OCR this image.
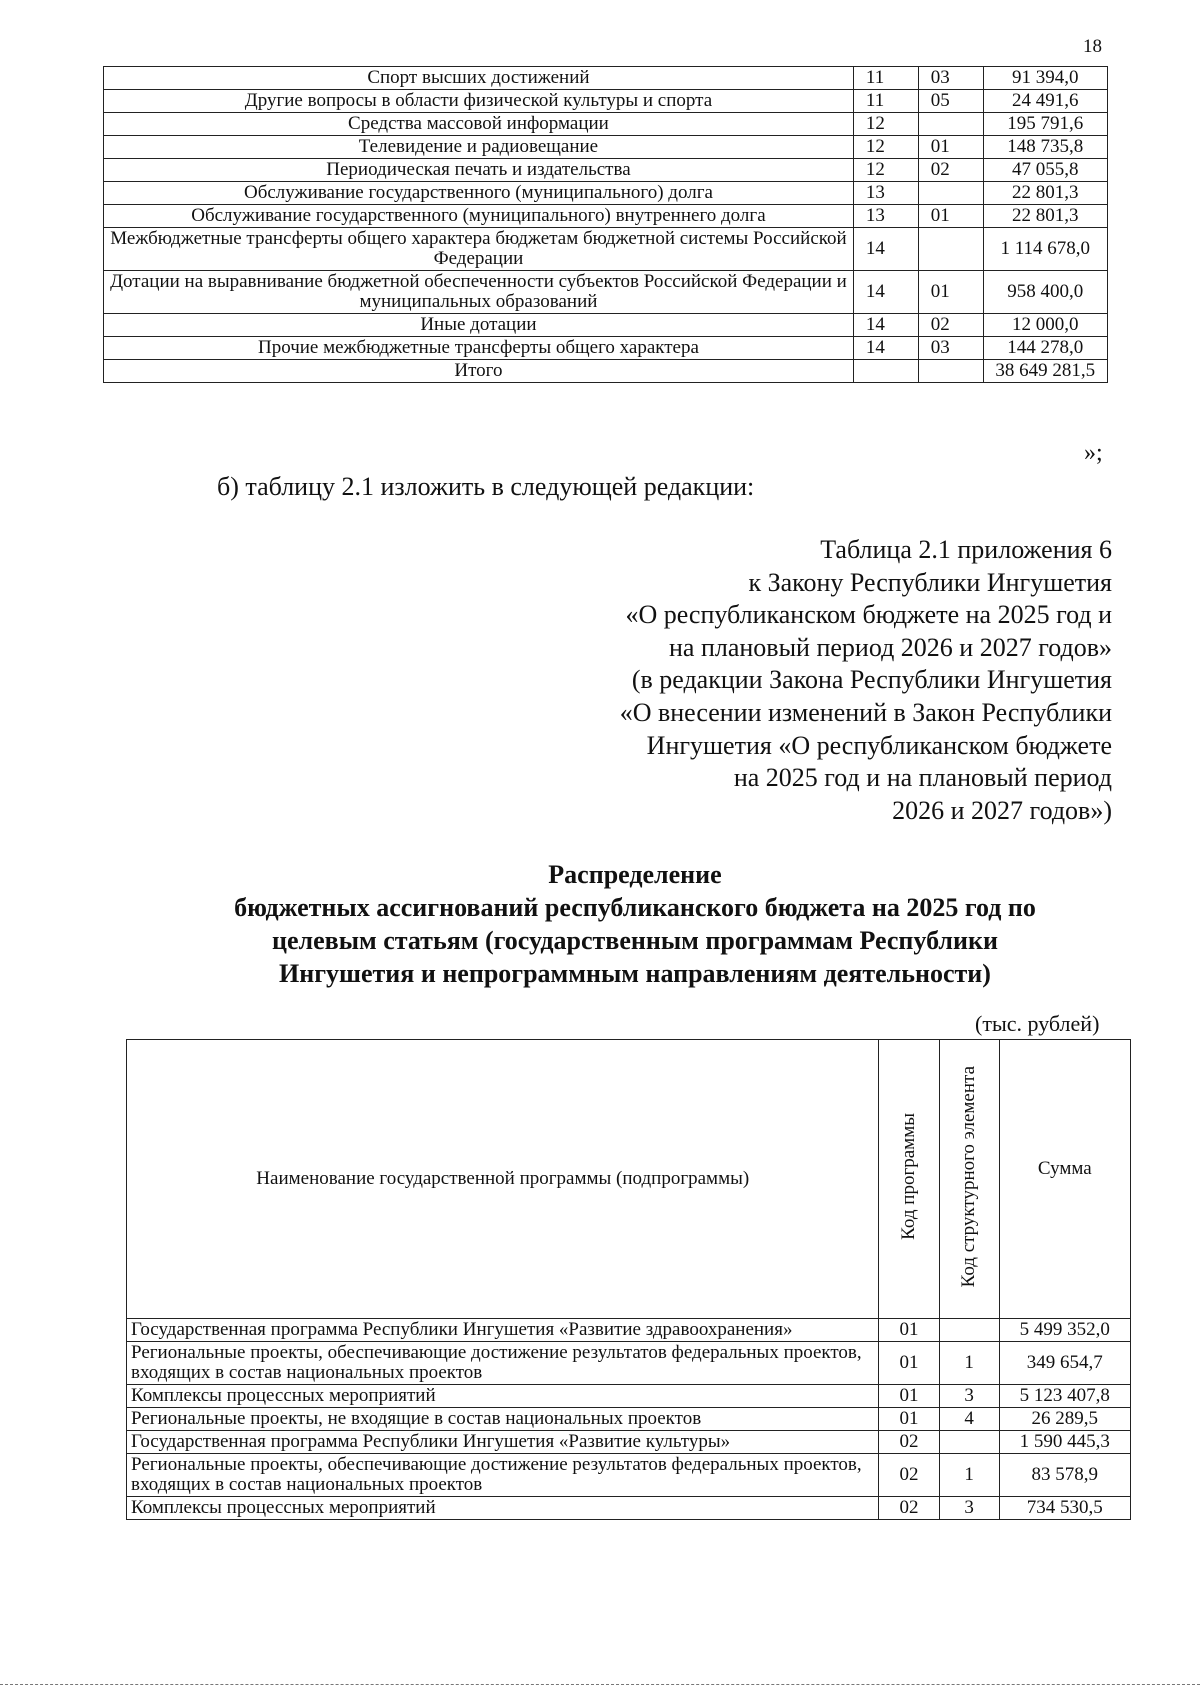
18
Спорт высших достижений	11	03	91 394,0
Другие вопросы в области физической культуры и спорта	11	05	24 491,6
Средства массовой информации	12		195 791,6
Телевидение и радиовещание	12	01	148 735,8
Периодическая печать и издательства	12	02	47 055,8
Обслуживание государственного (муниципального) долга	13		22 801,3
Обслуживание государственного (муниципального) внутреннего долга	13	01	22 801,3
Межбюджетные трансферты общего характера бюджетам бюджетной системы Российской Федерации	14		1 114 678,0
Дотации на выравнивание бюджетной обеспеченности субъектов Российской Федерации и муниципальных образований	14	01	958 400,0
Иные дотации	14	02	12 000,0
Прочие межбюджетные трансферты общего характера	14	03	144 278,0
Итого			38 649 281,5
»;
б) таблицу 2.1 изложить в следующей редакции:
Таблица 2.1 приложения 6
к Закону Республики Ингушетия
«О республиканском бюджете на 2025 год и
на плановый период 2026 и 2027 годов»
(в редакции Закона Республики Ингушетия
«О внесении изменений в Закон Республики
Ингушетия «О республиканском бюджете
на 2025 год и на плановый период
2026 и 2027 годов»)
Распределение
бюджетных ассигнований республиканского бюджета на 2025 год по
целевым статьям (государственным программам Республики
Ингушетия и непрограммным направлениям деятельности)
(тыс. рублей)
Наименование государственной программы (подпрограммы)	Код программы	Код структурного элемента	Сумма

Государственная программа Республики Ингушетия «Развитие здравоохранения»	01		5 499 352,0
Региональные проекты, обеспечивающие достижение результатов федеральных проектов, входящих в состав национальных проектов	01	1	349 654,7
Комплексы процессных мероприятий	01	3	5 123 407,8
Региональные проекты, не входящие в состав национальных проектов	01	4	26 289,5
Государственная программа Республики Ингушетия «Развитие культуры»	02		1 590 445,3
Региональные проекты, обеспечивающие достижение результатов федеральных проектов, входящих в состав национальных проектов	02	1	83 578,9
Комплексы процессных мероприятий	02	3	734 530,5
